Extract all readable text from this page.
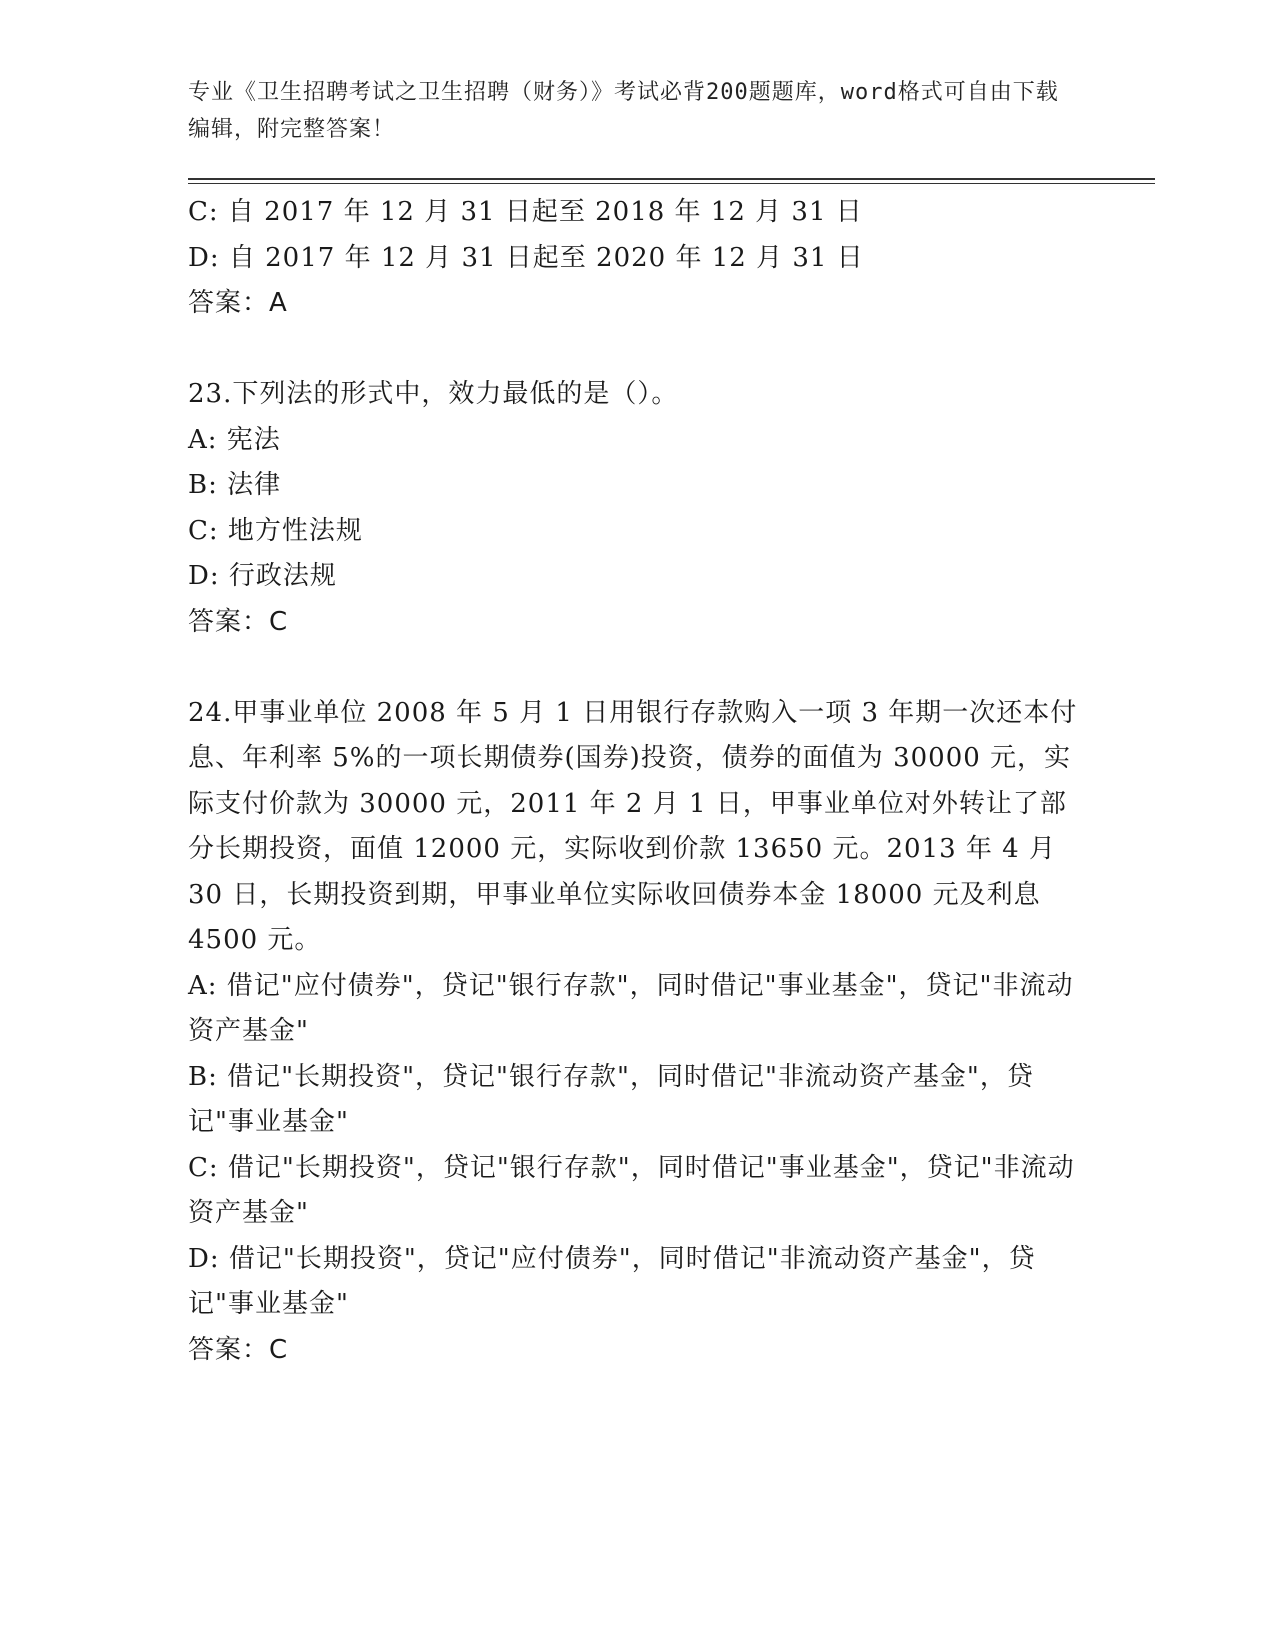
专业《卫生招聘考试之卫生招聘（财务）》考试必背200题题库，word格式可自由下载编辑，附完整答案！
C: 自 2017 年 12 月 31 日起至 2018 年 12 月 31 日
D: 自 2017 年 12 月 31 日起至 2020 年 12 月 31 日
答案：A
23.下列法的形式中，效力最低的是（）。
A: 宪法
B: 法律
C: 地方性法规
D: 行政法规
答案：C
24.甲事业单位 2008 年 5 月 1 日用银行存款购入一项 3 年期一次还本付息、年利率 5%的一项长期债券(国券)投资，债券的面值为 30000 元，实际支付价款为 30000 元，2011 年 2 月 1 日，甲事业单位对外转让了部分长期投资，面值 12000 元，实际收到价款 13650 元。2013 年 4 月 30 日，长期投资到期，甲事业单位实际收回债券本金 18000 元及利息 4500 元。
A: 借记"应付债券"，贷记"银行存款"，同时借记"事业基金"，贷记"非流动资产基金"
B: 借记"长期投资"，贷记"银行存款"，同时借记"非流动资产基金"，贷记"事业基金"
C: 借记"长期投资"，贷记"银行存款"，同时借记"事业基金"，贷记"非流动资产基金"
D: 借记"长期投资"，贷记"应付债券"，同时借记"非流动资产基金"，贷记"事业基金"
答案：C
